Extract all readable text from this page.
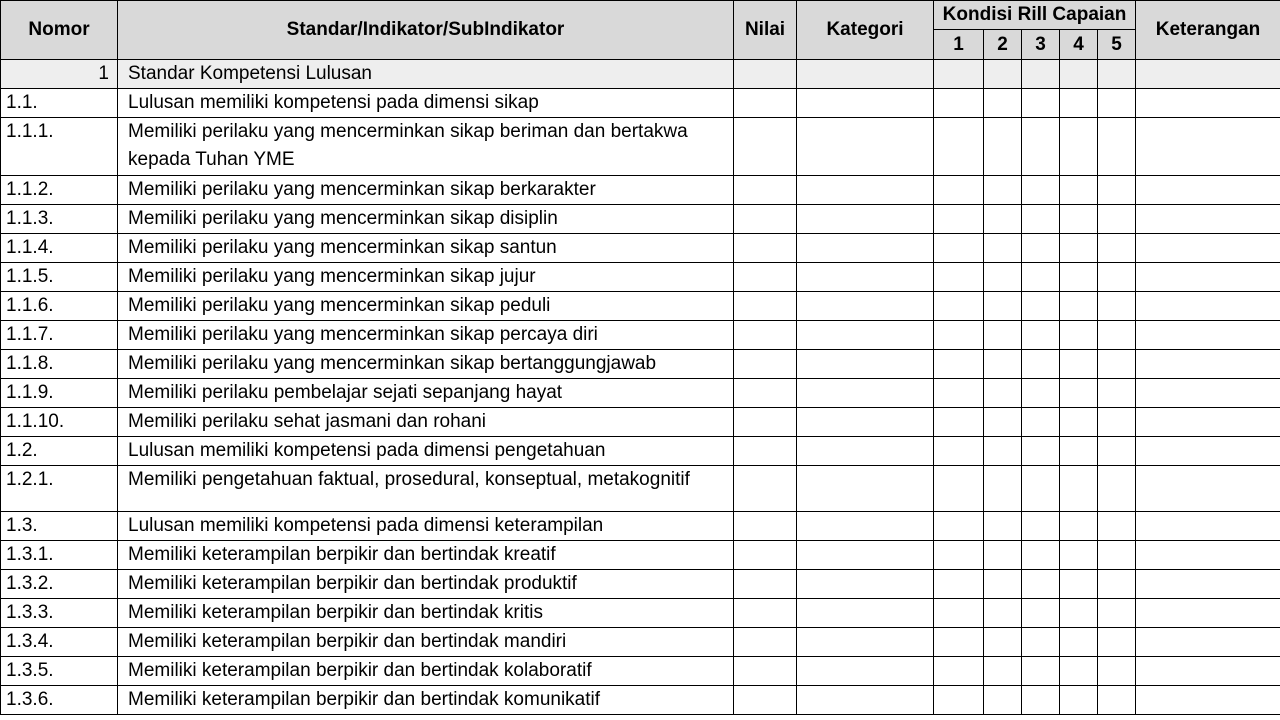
Nomor	Standar/Indikator/SubIndikator	Nilai	Kategori	Kondisi Rill Capaian					Keterangan
				1	2	3	4	5	
1	Standar Kompetensi Lulusan								
1.1.	Lulusan memiliki kompetensi pada dimensi sikap								
1.1.1.	Memiliki perilaku yang mencerminkan sikap beriman dan bertakwa kepada Tuhan YME								
1.1.2.	Memiliki perilaku yang mencerminkan sikap berkarakter								
1.1.3.	Memiliki perilaku yang mencerminkan sikap disiplin								
1.1.4.	Memiliki perilaku yang mencerminkan sikap santun								
1.1.5.	Memiliki perilaku yang mencerminkan sikap jujur								
1.1.6.	Memiliki perilaku yang mencerminkan sikap peduli								
1.1.7.	Memiliki perilaku yang mencerminkan sikap percaya diri								
1.1.8.	Memiliki perilaku yang mencerminkan sikap bertanggungjawab								
1.1.9.	Memiliki perilaku pembelajar sejati sepanjang hayat								
1.1.10.	Memiliki perilaku sehat jasmani dan rohani								
1.2.	Lulusan memiliki kompetensi pada dimensi pengetahuan								
1.2.1.	Memiliki pengetahuan faktual, prosedural, konseptual, metakognitif								
1.3.	Lulusan memiliki kompetensi pada dimensi keterampilan								
1.3.1.	Memiliki keterampilan berpikir dan bertindak kreatif								
1.3.2.	Memiliki keterampilan berpikir dan bertindak produktif								
1.3.3.	Memiliki keterampilan berpikir dan bertindak kritis								
1.3.4.	Memiliki keterampilan berpikir dan bertindak mandiri								
1.3.5.	Memiliki keterampilan berpikir dan bertindak kolaboratif								
1.3.6.	Memiliki keterampilan berpikir dan bertindak komunikatif								
